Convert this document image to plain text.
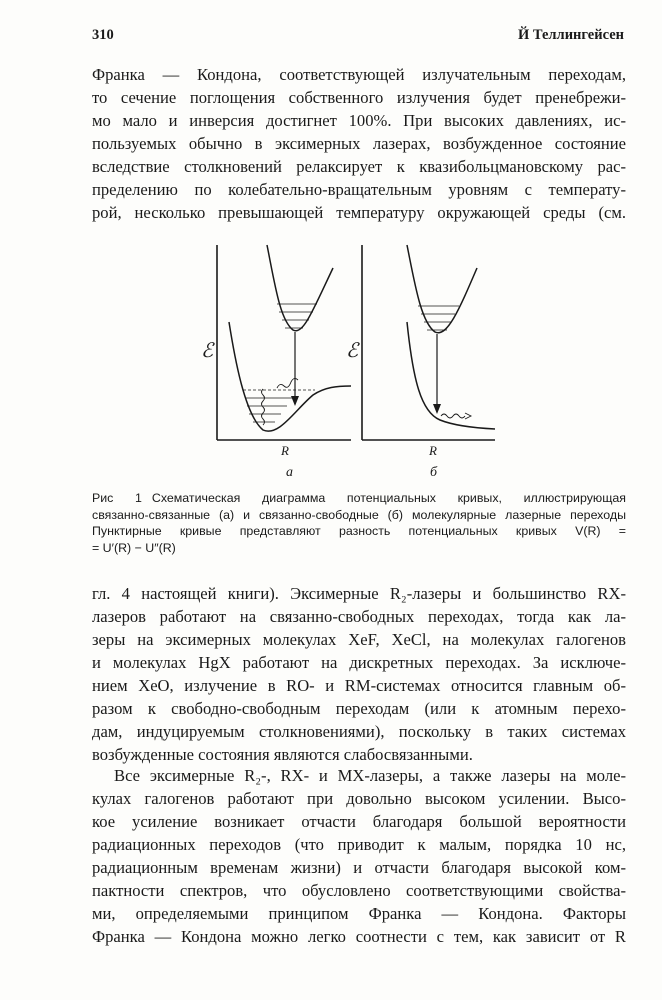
310	Й Теллингейсен
Франка — Кондона, соответствующей излучательным переходам,
то сечение поглощения собственного излучения будет пренебрежи-
мо мало и инверсия достигнет 100%. При высоких давлениях, ис-
пользуемых обычно в эксимерных лазерах, возбужденное состояние
вследствие столкновений релаксирует к квазибольцмановскому рас-
пределению по колебательно-вращательным уровням с температу-
рой, несколько превышающей температуру окружающей среды (см.
ℰ
R
а
ℰ
R
б
Рис 1 Схематическая диаграмма потенциальных кривых, иллюстрирующая
связанно-связанные (а) и связанно-свободные (б) молекулярные лазерные переходы
Пунктирные кривые представляют разность потенциальных кривых V(R) =
= U′(R) − U″(R)
гл. 4 настоящей книги). Эксимерные R₂-лазеры и большинство RX-
лазеров работают на связанно-свободных переходах, тогда как ла-
зеры на эксимерных молекулах XeF, XeCl, на молекулах галогенов
и молекулах HgX работают на дискретных переходах. За исключе-
нием XeO, излучение в RO- и RM-системах относится главным об-
разом к свободно-свободным переходам (или к атомным перехо-
дам, индуцируемым столкновениями), поскольку в таких системах
возбужденные состояния являются слабосвязанными.
Все эксимерные R₂-, RX- и MX-лазеры, а также лазеры на моле-
кулах галогенов работают при довольно высоком усилении. Высо-
кое усиление возникает отчасти благодаря большой вероятности
радиационных переходов (что приводит к малым, порядка 10 нс,
радиационным временам жизни) и отчасти благодаря высокой ком-
пактности спектров, что обусловлено соответствующими свойства-
ми, определяемыми принципом Франка — Кондона. Факторы
Франка — Кондона можно легко соотнести с тем, как зависит от R
